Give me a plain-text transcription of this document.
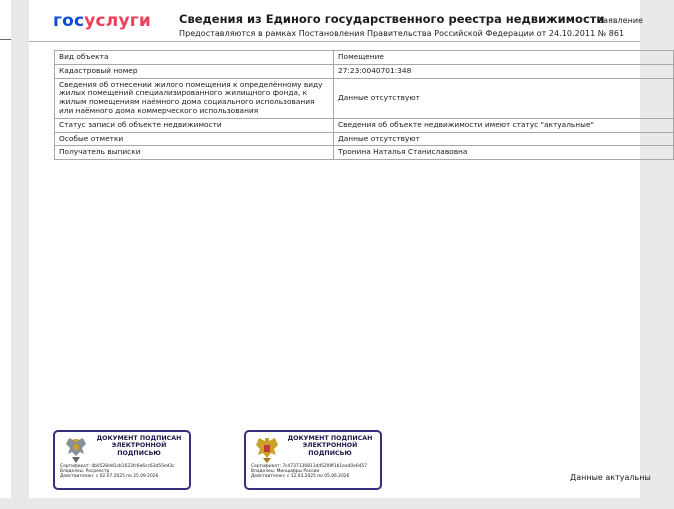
госуслуги Сведения из Единого государственного реестра недвижимости
Предоставляются в рамках Постановления Правительства Российской Федерации от 24.10.2011 № 861
Заявление
Вид объекта	Помещение
Кадастровый номер	27:23:0040701:348
Сведения об отнесении жилого помещения к определённому виду жилых помещений специализированного жилищного фонда, к жилым помещениям наёмного дома социального использования или наёмного дома коммерческого использования	Данные отсутствуют
Статус записи об объекте недвижимости	Сведения об объекте недвижимости имеют статус "актуальные"
Особые отметки	Данные отсутствуют
Получатель выписки	Тронина Наталья Станиславовна
ДОКУМЕНТ ПОДПИСАН ЭЛЕКТРОННОЙ ПОДПИСЬЮ
Сертификат: 4b0528dd1cb1623fc6e6cc63d55ed3c
Владелец: Росреестр
Действителен: с 02.07.2025 по 25.09.2026
ДОКУМЕНТ ПОДПИСАН ЭЛЕКТРОННОЙ ПОДПИСЬЮ
Сертификат: 7c4737136811dd5209f1b1ea40e6457
Владелец: Минцифры России
Действителен: с 12.03.2025 по 05.06.2026	Данные актуальны
